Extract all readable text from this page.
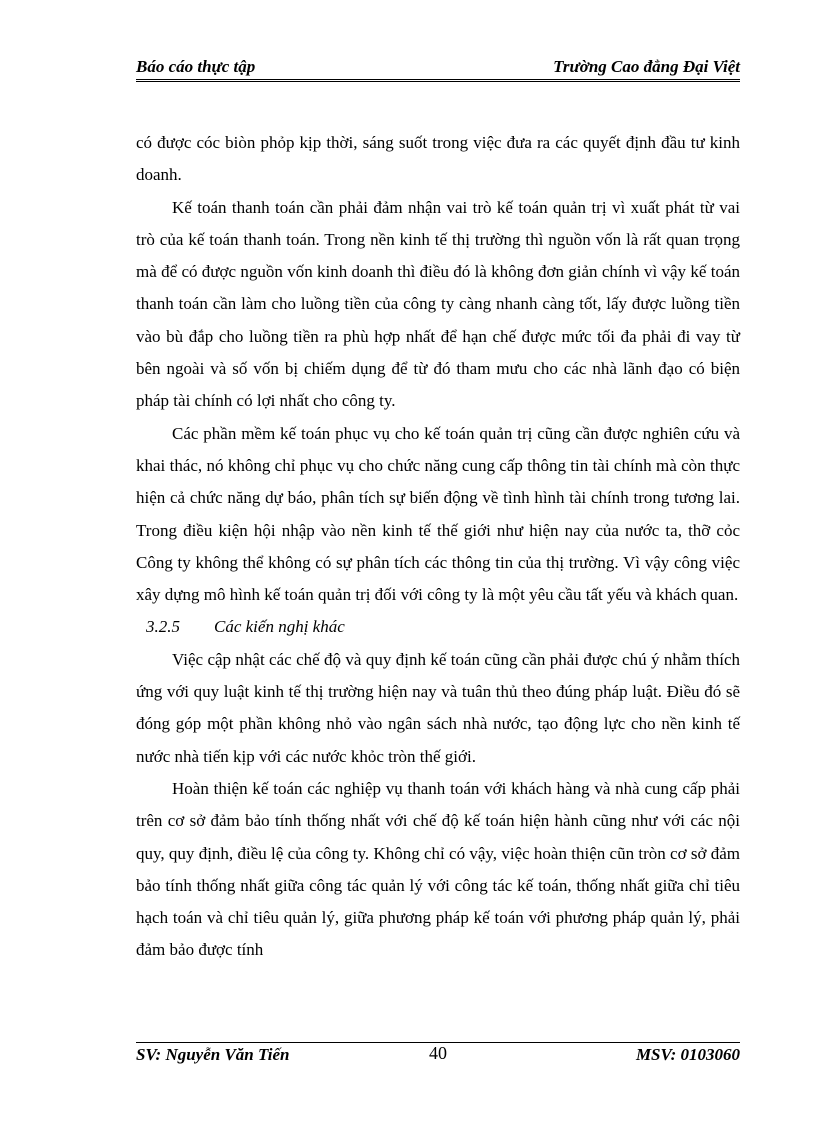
Báo cáo thực tập	Trường Cao đẳng Đại Việt

có được cóc biòn phỏp kịp thời, sáng suốt trong việc đưa ra các quyết định đầu tư kinh doanh.

Kế toán thanh toán cần phải đảm nhận vai trò kế toán quản trị vì xuất phát từ vai trò của kế toán thanh toán. Trong nền kinh tế thị trường thì nguồn vốn là rất quan trọng mà để có được nguồn vốn kinh doanh thì điều đó là không đơn giản chính vì vậy kế toán thanh toán cần làm cho luồng tiền của công ty càng nhanh càng tốt, lấy được luồng tiền vào bù đắp cho luồng tiền ra phù hợp nhất để hạn chế được mức tối đa phải đi vay từ bên ngoài và số vốn bị chiếm dụng để từ đó tham mưu cho các nhà lãnh đạo có biện pháp tài chính có lợi nhất cho công ty.

Các phần mềm kế toán phục vụ cho kế toán quản trị cũng cần được nghiên cứu và khai thác, nó không chỉ phục vụ cho chức năng cung cấp thông tin tài chính mà còn thực hiện cả chức năng dự báo, phân tích sự biến động về tình hình tài chính trong tương lai. Trong điều kiện hội nhập vào nền kinh tế thế giới như hiện nay của nước ta, thỡ cỏc Công ty không thể không có sự phân tích các thông tin của thị trường. Vì vậy công việc xây dựng mô hình kế toán quản trị đối với công ty là một yêu cầu tất yếu và khách quan.

3.2.5 Các kiến nghị khác

Việc cập nhật các chế độ và quy định kế toán cũng cần phải được chú ý nhằm thích ứng với quy luật kinh tế thị trường hiện nay và tuân thủ theo đúng pháp luật. Điều đó sẽ đóng góp một phần không nhỏ vào ngân sách nhà nước, tạo động lực cho nền kinh tế nước nhà tiến kịp với các nước khỏc tròn thế giới.

Hoàn thiện kế toán các nghiệp vụ thanh toán với khách hàng và nhà cung cấp phải trên cơ sở đảm bảo tính thống nhất với chế độ kế toán hiện hành cũng như với các nội quy, quy định, điều lệ của công ty. Không chỉ có vậy, việc hoàn thiện cũn tròn cơ sở đảm bảo tính thống nhất giữa công tác quản lý với công tác kế toán, thống nhất giữa chỉ tiêu hạch toán và chỉ tiêu quản lý, giữa phương pháp kế toán với phương pháp quản lý, phải đảm bảo được tính

SV: Nguyễn Văn Tiến	40	MSV: 0103060
